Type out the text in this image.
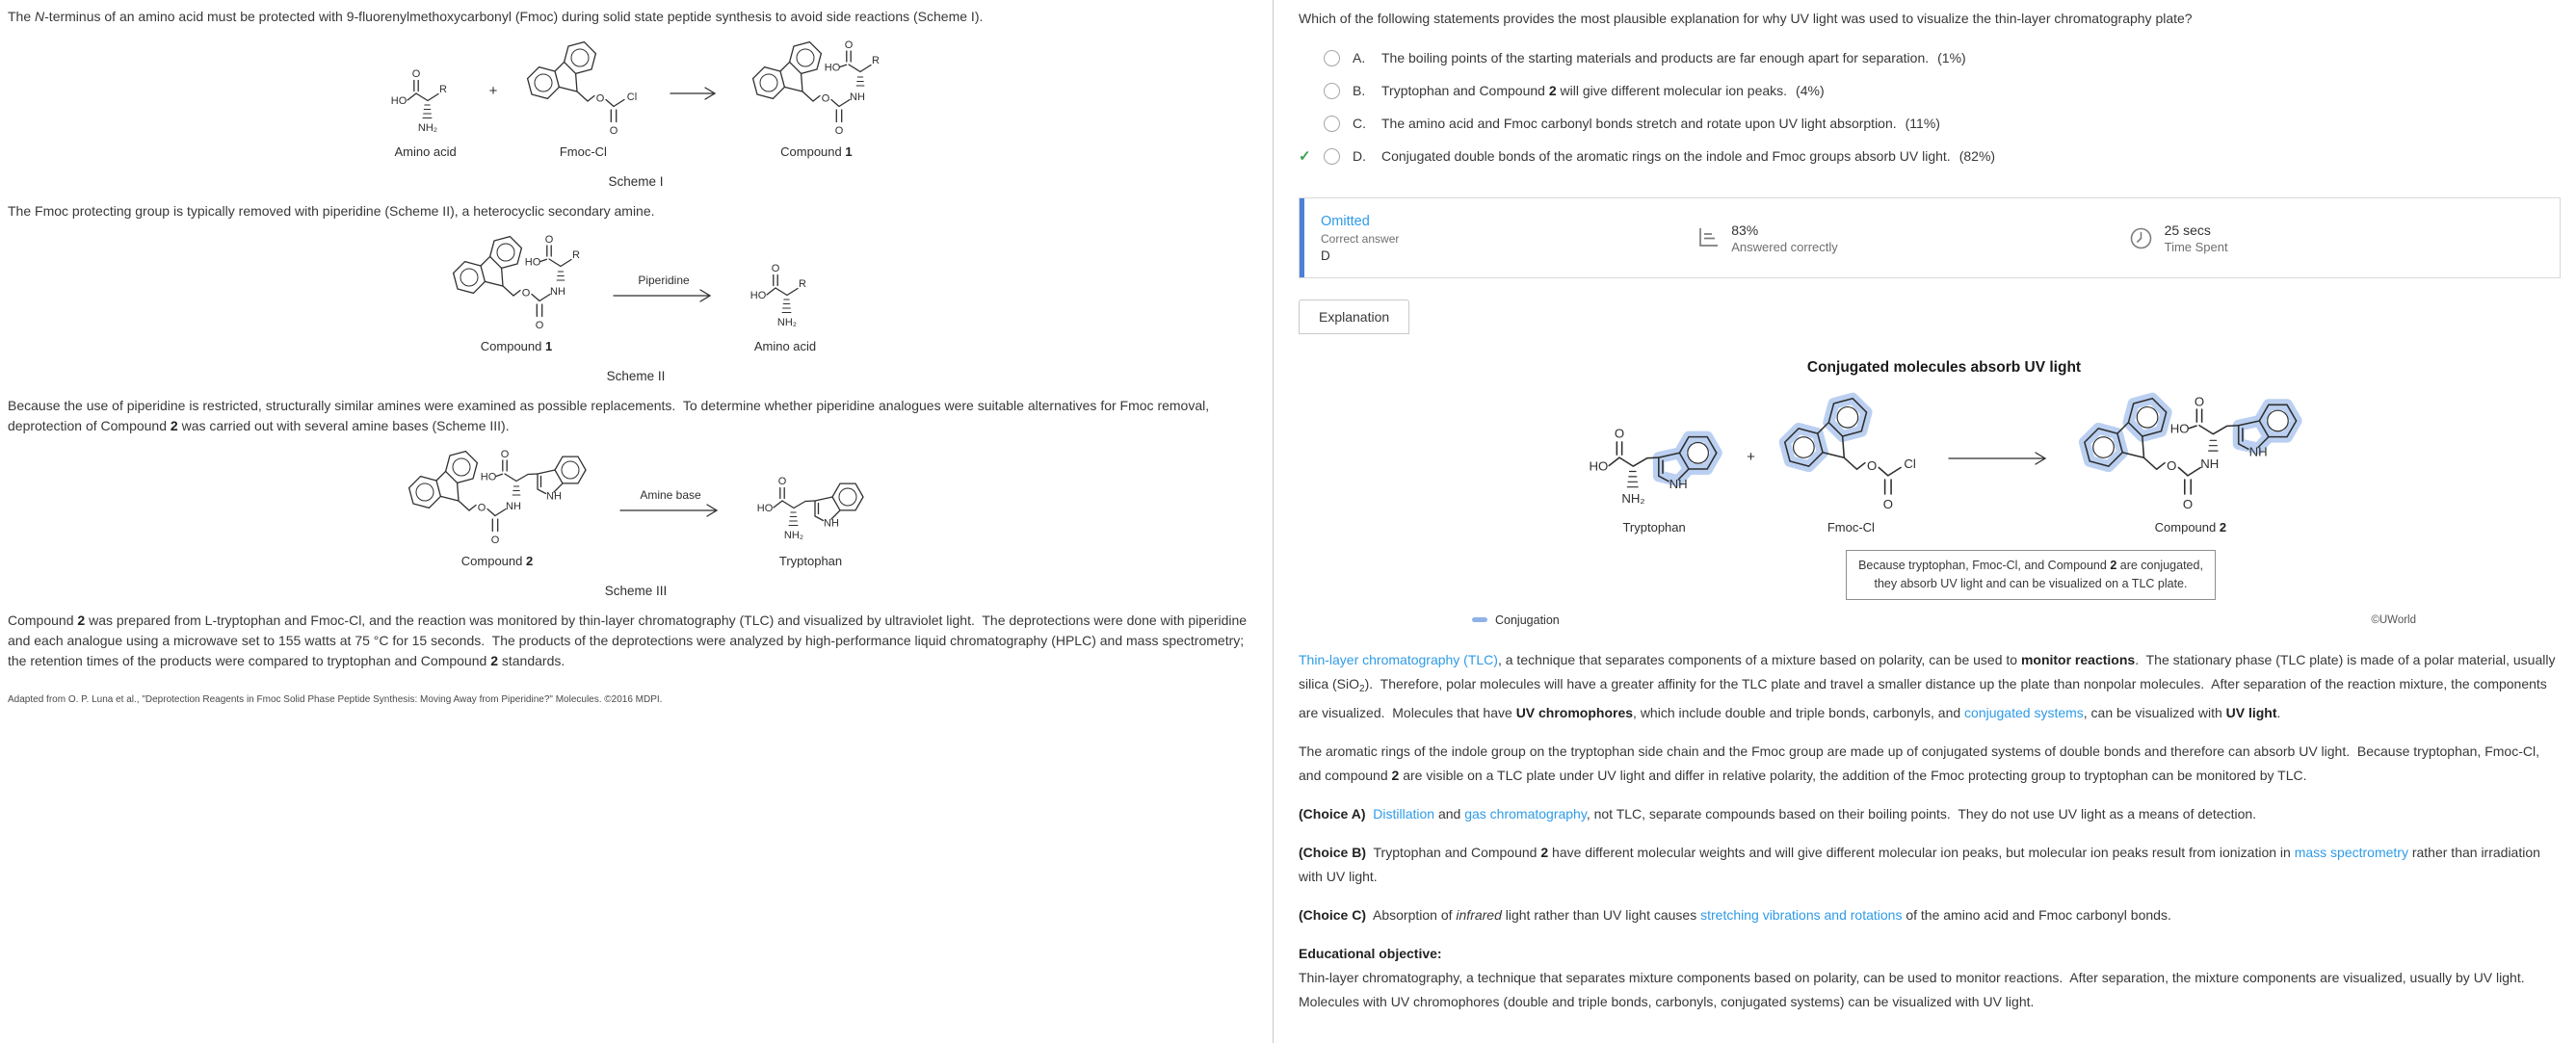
The N-terminus of an amino acid must be protected with 9-fluorenylmethoxycarbonyl (Fmoc) during solid state peptide synthesis to avoid side reactions (Scheme I).
Amino acid
+
Fmoc-Cl	Compound 1
Scheme I
The Fmoc protecting group is typically removed with piperidine (Scheme II), a heterocyclic secondary amine.
Compound 1
Piperidine
Amino acid
Scheme II
Because the use of piperidine is restricted, structurally similar amines were examined as possible replacements.  To determine whether piperidine analogues were suitable alternatives for Fmoc removal, deprotection of Compound 2 was carried out with several amine bases (Scheme III).
Compound 2
Amine base
Tryptophan
Scheme III
Compound 2 was prepared from L-tryptophan and Fmoc-Cl, and the reaction was monitored by thin-layer chromatography (TLC) and visualized by ultraviolet light.  The deprotections were done with piperidine and each analogue using a microwave set to 155 watts at 75 °C for 15 seconds.  The products of the deprotections were analyzed by high-performance liquid chromatography (HPLC) and mass spectrometry; the retention times of the products were compared to tryptophan and Compound 2 standards.
Adapted from O. P. Luna et al., "Deprotection Reagents in Fmoc Solid Phase Peptide Synthesis: Moving Away from Piperidine?" Molecules. ©2016 MDPI.
Which of the following statements provides the most plausible explanation for why UV light was used to visualize the thin-layer chromatography plate?
A.	The boiling points of the starting materials and products are far enough apart for separation. (1%)
B.	Tryptophan and Compound 2 will give different molecular ion peaks. (4%)
C.	The amino acid and Fmoc carbonyl bonds stretch and rotate upon UV light absorption. (11%)
✓	D.	Conjugated double bonds of the aromatic rings on the indole and Fmoc groups absorb UV light. (82%)
Omitted
Correct answer
D
83%
Answered correctly
25 secs
Time Spent
Explanation
Conjugated molecules absorb UV light
Tryptophan
+
Fmoc-Cl	Compound 2
Because tryptophan, Fmoc-Cl, and Compound 2 are conjugated,
they absorb UV light and can be visualized on a TLC plate.
Conjugation	©UWorld
Thin-layer chromatography (TLC), a technique that separates components of a mixture based on polarity, can be used to monitor reactions.  The stationary phase (TLC plate) is made of a polar material, usually silica (SiO$_2$).  Therefore, polar molecules will have a greater affinity for the TLC plate and travel a smaller distance up the plate than nonpolar molecules.  After separation of the reaction mixture, the components are visualized.  Molecules that have UV chromophores, which include double and triple bonds, carbonyls, and conjugated systems, can be visualized with UV light.
The aromatic rings of the indole group on the tryptophan side chain and the Fmoc group are made up of conjugated systems of double bonds and therefore can absorb UV light.  Because tryptophan, Fmoc-Cl, and compound 2 are visible on a TLC plate under UV light and differ in relative polarity, the addition of the Fmoc protecting group to tryptophan can be monitored by TLC.
(Choice A) Distillation and gas chromatography, not TLC, separate compounds based on their boiling points.  They do not use UV light as a means of detection.
(Choice B)  Tryptophan and Compound 2 have different molecular weights and will give different molecular ion peaks, but molecular ion peaks result from ionization in mass spectrometry rather than irradiation with UV light.
(Choice C)  Absorption of infrared light rather than UV light causes stretching vibrations and rotations of the amino acid and Fmoc carbonyl bonds.
Educational objective:
Thin-layer chromatography, a technique that separates mixture components based on polarity, can be used to monitor reactions.  After separation, the mixture components are visualized, usually by UV light.  Molecules with UV chromophores (double and triple bonds, carbonyls, conjugated systems) can be visualized with UV light.
